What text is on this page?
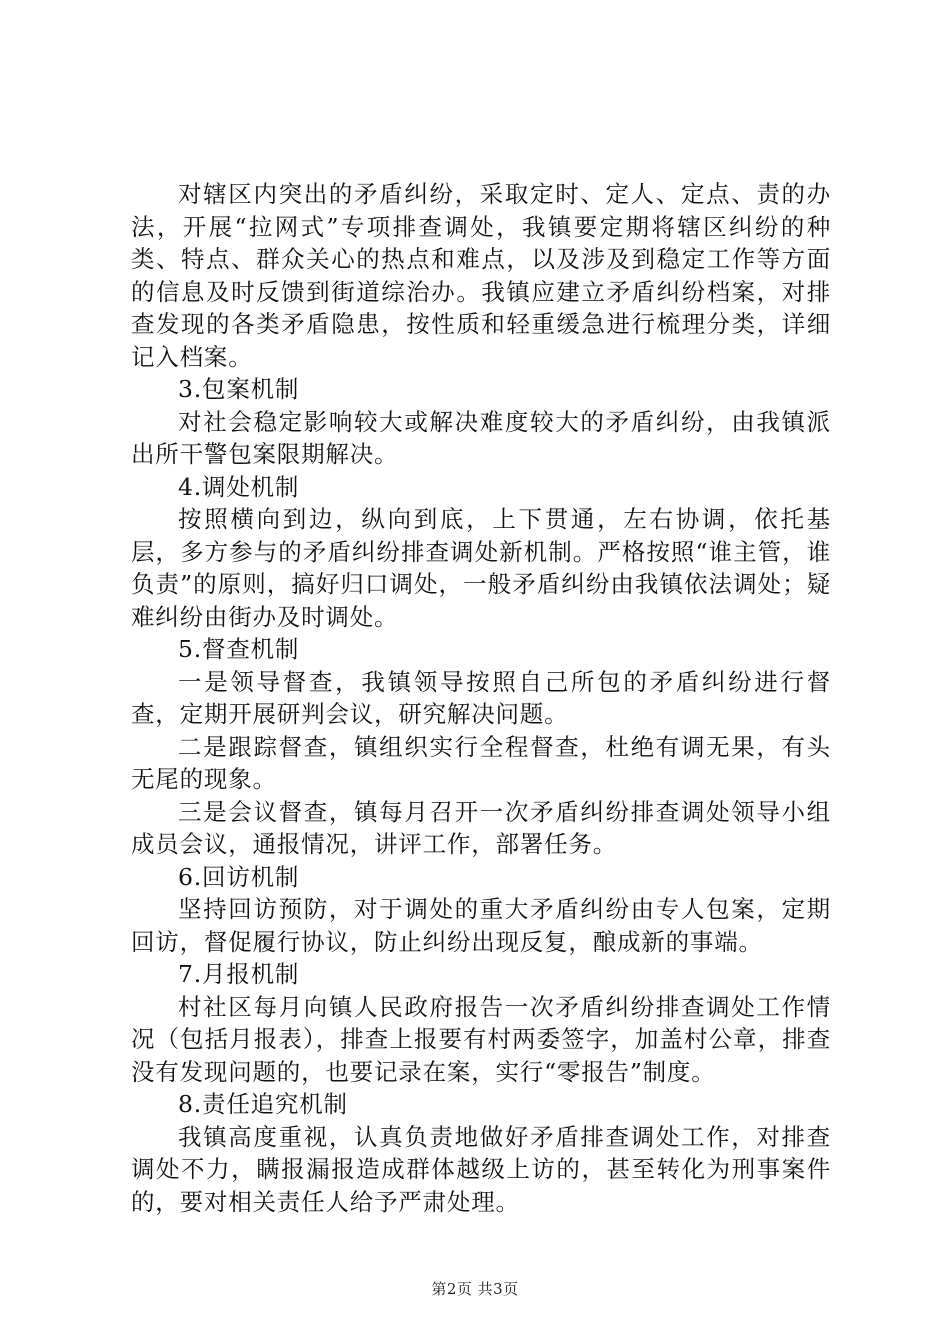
对辖区内突出的矛盾纠纷，采取定时、定人、定点、责的办法，开展“拉网式”专项排查调处，我镇要定期将辖区纠纷的种类、特点、群众关心的热点和难点，以及涉及到稳定工作等方面的信息及时反馈到街道综治办。我镇应建立矛盾纠纷档案，对排查发现的各类矛盾隐患，按性质和轻重缓急进行梳理分类，详细记入档案。

3.包案机制

对社会稳定影响较大或解决难度较大的矛盾纠纷，由我镇派出所干警包案限期解决。

4.调处机制

按照横向到边，纵向到底，上下贯通，左右协调，依托基层，多方参与的矛盾纠纷排查调处新机制。严格按照“谁主管，谁负责”的原则，搞好归口调处，一般矛盾纠纷由我镇依法调处；疑难纠纷由街办及时调处。

5.督查机制

一是领导督查，我镇领导按照自己所包的矛盾纠纷进行督查，定期开展研判会议，研究解决问题。

二是跟踪督查，镇组织实行全程督查，杜绝有调无果，有头无尾的现象。

三是会议督查，镇每月召开一次矛盾纠纷排查调处领导小组成员会议，通报情况，讲评工作，部署任务。

6.回访机制

坚持回访预防，对于调处的重大矛盾纠纷由专人包案，定期回访，督促履行协议，防止纠纷出现反复，酿成新的事端。

7.月报机制

村社区每月向镇人民政府报告一次矛盾纠纷排查调处工作情况（包括月报表），排查上报要有村两委签字，加盖村公章，排查没有发现问题的，也要记录在案，实行“零报告”制度。

8.责任追究机制

我镇高度重视，认真负责地做好矛盾排查调处工作，对排查调处不力，瞒报漏报造成群体越级上访的，甚至转化为刑事案件的，要对相关责任人给予严肃处理。

第2页 共3页
